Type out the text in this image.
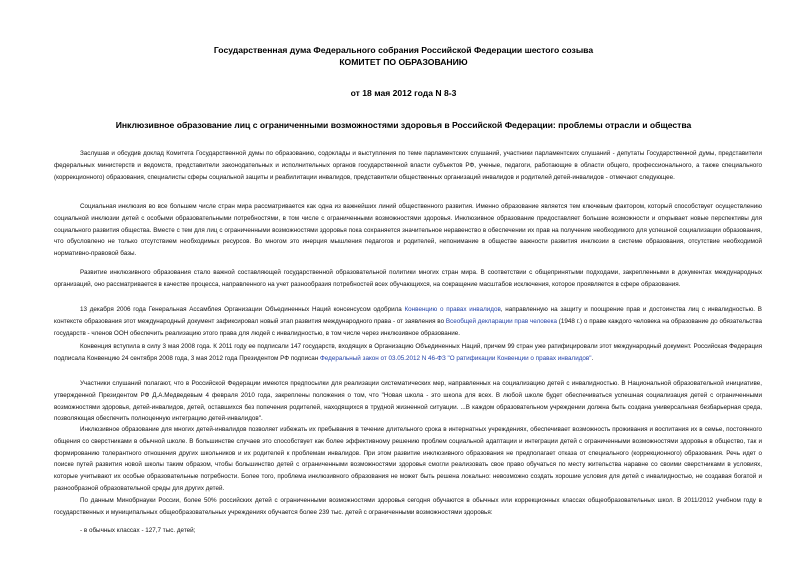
Государственная дума Федерального собрания Российской Федерации шестого созыва
КОМИТЕТ ПО ОБРАЗОВАНИЮ
от 18 мая 2012 года N 8-3
Инклюзивное образование лиц с ограниченными возможностями здоровья в Российской Федерации: проблемы отрасли и общества
Заслушав и обсудив доклад Комитета Государственной думы по образованию, содоклады и выступления по теме парламентских слушаний, участники парламентских слушаний - депутаты Государственной думы, представители федеральных министерств и ведомств, представители законодательных и исполнительных органов государственной власти субъектов РФ, ученые, педагоги, работающие в области общего, профессионального, а также специального (коррекционного) образования, специалисты сферы социальной защиты и реабилитации инвалидов, представители общественных организаций инвалидов и родителей детей-инвалидов - отмечают следующее.
Социальная инклюзия во все большем числе стран мира рассматривается как одна из важнейших линий общественного развития. Именно образование является тем ключевым фактором, который способствует осуществлению социальной инклюзии детей с особыми образовательными потребностями, в том числе с ограниченными возможностями здоровья. Инклюзивное образование предоставляет большие возможности и открывает новые перспективы для социального развития общества. Вместе с тем для лиц с ограниченными возможностями здоровья пока сохраняется значительное неравенство в обеспечении их прав на получение необходимого для успешной социализации образования, что обусловлено не только отсутствием необходимых ресурсов. Во многом это инерция мышления педагогов и родителей, непонимание в обществе важности развития инклюзии в системе образования, отсутствие необходимой нормативно-правовой базы.
Развитие инклюзивного образования стало важной составляющей государственной образовательной политики многих стран мира. В соответствии с общепринятыми подходами, закрепленными в документах международных организаций, оно рассматривается в качестве процесса, направленного на учет разнообразия потребностей всех обучающихся, на сокращение масштабов исключения, которое проявляется в сфере образования.
13 декабря 2006 года Генеральная Ассамблея Организации Объединенных Наций консенсусом одобрила Конвенцию о правах инвалидов, направленную на защиту и поощрение прав и достоинства лиц с инвалидностью. В контексте образования этот международный документ зафиксировал новый этап развития международного права - от заявления во Всеобщей декларации прав человека (1948 г.) о праве каждого человека на образование до обязательства государств - членов ООН обеспечить реализацию этого права для людей с инвалидностью, в том числе через инклюзивное образование.
Конвенция вступила в силу 3 мая 2008 года. К 2011 году ее подписали 147 государств, входящих в Организацию Объединенных Наций, причем 99 стран уже ратифицировали этот международный документ. Российская Федерация подписала Конвенцию 24 сентября 2008 года, 3 мая 2012 года Президентом РФ подписан Федеральный закон от 03.05.2012 N 46-ФЗ "О ратификации Конвенции о правах инвалидов".
Участники слушаний полагают, что в Российской Федерации имеются предпосылки для реализации систематических мер, направленных на социализацию детей с инвалидностью. В Национальной образовательной инициативе, утвержденной Президентом РФ Д.А.Медведевым 4 февраля 2010 года, закреплены положения о том, что "Новая школа - это школа для всех. В любой школе будет обеспечиваться успешная социализация детей с ограниченными возможностями здоровья, детей-инвалидов, детей, оставшихся без попечения родителей, находящихся в трудной жизненной ситуации. ...В каждом образовательном учреждении должна быть создана универсальная безбарьерная среда, позволяющая обеспечить полноценную интеграцию детей-инвалидов".
Инклюзивное образование для многих детей-инвалидов позволяет избежать их пребывания в течение длительного срока в интернатных учреждениях, обеспечивает возможность проживания и воспитания их в семье, постоянного общения со сверстниками в обычной школе. В большинстве случаев это способствует как более эффективному решению проблем социальной адаптации и интеграции детей с ограниченными возможностями здоровья в общество, так и формированию толерантного отношения других школьников и их родителей к проблемам инвалидов. При этом развитие инклюзивного образования не предполагает отказа от специального (коррекционного) образования. Речь идет о поиске путей развития новой школы таким образом, чтобы большинство детей с ограниченными возможностями здоровья смогли реализовать свое право обучаться по месту жительства наравне со своими сверстниками в условиях, которые учитывают их особые образовательные потребности. Более того, проблема инклюзивного образования не может быть решена локально: невозможно создать хорошие условия для детей с инвалидностью, не создавая богатой и разнообразной образовательной среды для других детей.
По данным Минобрнауки России, более 50% российских детей с ограниченными возможностями здоровья сегодня обучаются в обычных или коррекционных классах общеобразовательных школ. В 2011/2012 учебном году в государственных и муниципальных общеобразовательных учреждениях обучается более 239 тыс. детей с ограниченными возможностями здоровья:
- в обычных классах - 127,7 тыс. детей;
